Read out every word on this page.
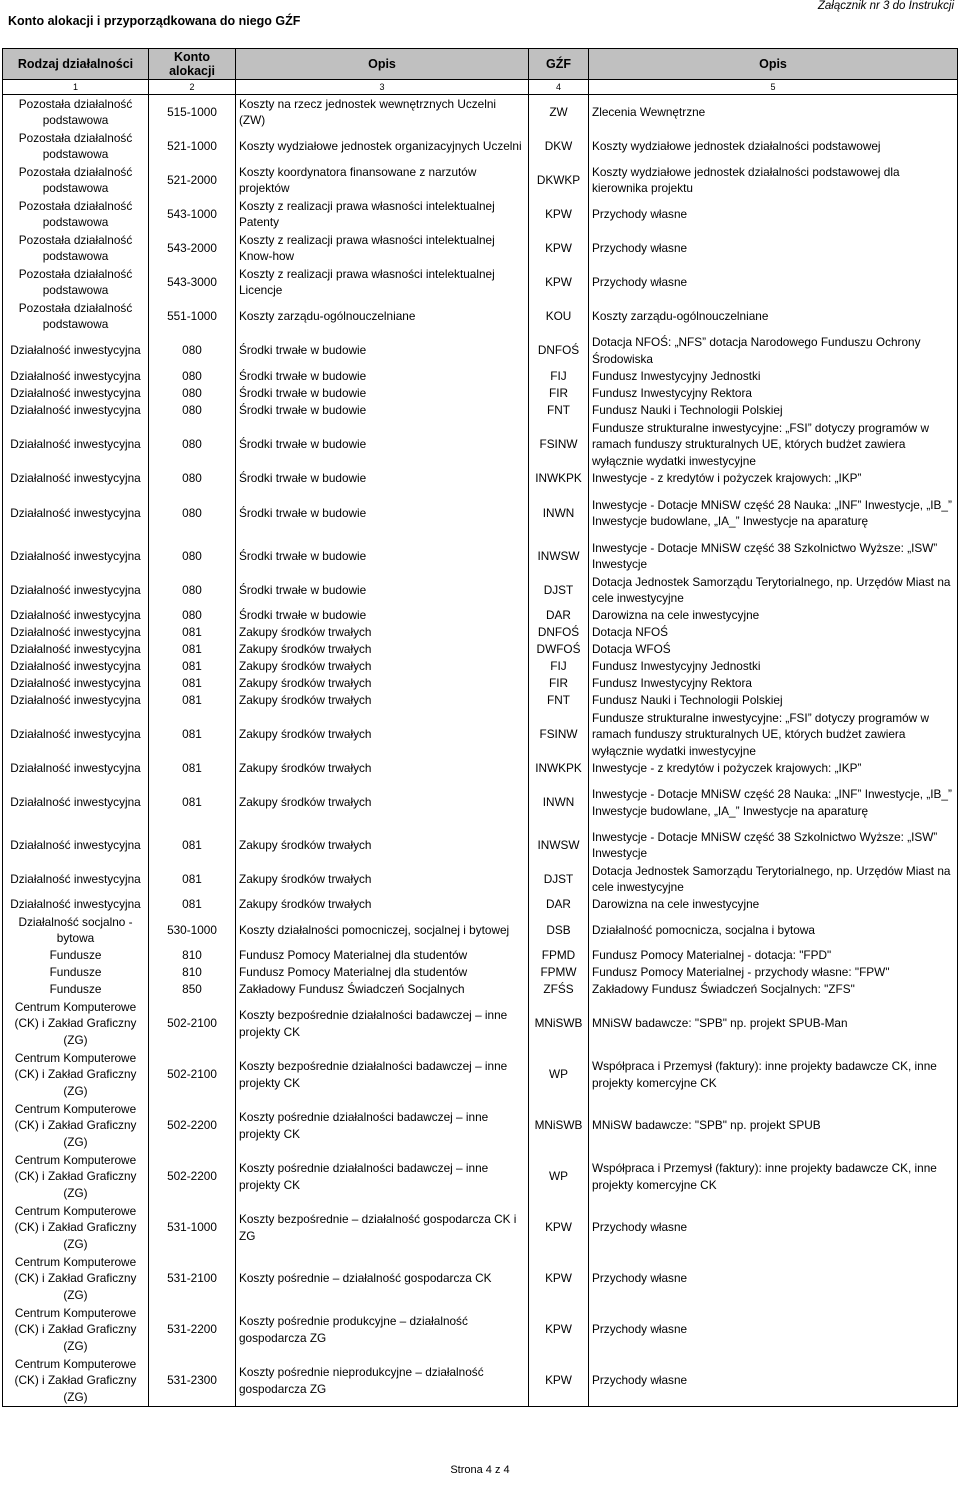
Konto alokacji i przyporządkowana do niego GŹF
Załącznik nr 3 do Instrukcji
Rodzaj działalności	Konto alokacji	Opis	GŹF	Opis
1	2	3	4	5
Pozostała działalność podstawowa	515-1000	Koszty na rzecz jednostek wewnętrznych Uczelni (ZW)	ZW	Zlecenia Wewnętrzne
Pozostała działalność podstawowa	521-1000	Koszty wydziałowe jednostek organizacyjnych Uczelni	DKW	Koszty wydziałowe jednostek działalności podstawowej
Pozostała działalność podstawowa	521-2000	Koszty koordynatora finansowane z narzutów projektów	DKWKP	Koszty wydziałowe jednostek działalności podstawowej dla kierownika projektu
Pozostała działalność podstawowa	543-1000	Koszty z realizacji prawa własności intelektualnej Patenty	KPW	Przychody własne
Pozostała działalność podstawowa	543-2000	Koszty z realizacji prawa własności intelektualnej Know-how	KPW	Przychody własne
Pozostała działalność podstawowa	543-3000	Koszty z realizacji prawa własności intelektualnej Licencje	KPW	Przychody własne
Pozostała działalność podstawowa	551-1000	Koszty zarządu-ogólnouczelniane	KOU	Koszty zarządu-ogólnouczelniane
Działalność inwestycyjna	080	Środki trwałe w budowie	DNFOŚ	Dotacja NFOŚ: „NFS” dotacja Narodowego Funduszu Ochrony Środowiska
Działalność inwestycyjna	080	Środki trwałe w budowie	FIJ	Fundusz Inwestycyjny Jednostki
Działalność inwestycyjna	080	Środki trwałe w budowie	FIR	Fundusz Inwestycyjny Rektora
Działalność inwestycyjna	080	Środki trwałe w budowie	FNT	Fundusz Nauki i Technologii Polskiej
Działalność inwestycyjna	080	Środki trwałe w budowie	FSINW	Fundusze strukturalne inwestycyjne: „FSI” dotyczy programów w ramach funduszy strukturalnych UE, których budżet zawiera wyłącznie wydatki inwestycyjne
Działalność inwestycyjna	080	Środki trwałe w budowie	INWKPK	Inwestycje - z kredytów i pożyczek krajowych: „IKP”
Działalność inwestycyjna	080	Środki trwałe w budowie	INWN	Inwestycje - Dotacje MNiSW część 28 Nauka: „INF” Inwestycje, „IB_” Inwestycje budowlane, „IA_” Inwestycje na aparaturę
Działalność inwestycyjna	080	Środki trwałe w budowie	INWSW	Inwestycje - Dotacje MNiSW część 38 Szkolnictwo Wyższe: „ISW” Inwestycje
Działalność inwestycyjna	080	Środki trwałe w budowie	DJST	Dotacja Jednostek Samorządu Terytorialnego, np. Urzędów Miast na cele inwestycyjne
Działalność inwestycyjna	080	Środki trwałe w budowie	DAR	Darowizna na cele inwestycyjne
Działalność inwestycyjna	081	Zakupy środków trwałych	DNFOŚ	Dotacja NFOŚ
Działalność inwestycyjna	081	Zakupy środków trwałych	DWFOŚ	Dotacja WFOŚ
Działalność inwestycyjna	081	Zakupy środków trwałych	FIJ	Fundusz Inwestycyjny Jednostki
Działalność inwestycyjna	081	Zakupy środków trwałych	FIR	Fundusz Inwestycyjny Rektora
Działalność inwestycyjna	081	Zakupy środków trwałych	FNT	Fundusz Nauki i Technologii Polskiej
Działalność inwestycyjna	081	Zakupy środków trwałych	FSINW	Fundusze strukturalne inwestycyjne: „FSI” dotyczy programów w ramach funduszy strukturalnych UE, których budżet zawiera wyłącznie wydatki inwestycyjne
Działalność inwestycyjna	081	Zakupy środków trwałych	INWKPK	Inwestycje - z kredytów i pożyczek krajowych: „IKP”
Działalność inwestycyjna	081	Zakupy środków trwałych	INWN	Inwestycje - Dotacje MNiSW część 28 Nauka: „INF” Inwestycje, „IB_” Inwestycje budowlane, „IA_” Inwestycje na aparaturę
Działalność inwestycyjna	081	Zakupy środków trwałych	INWSW	Inwestycje - Dotacje MNiSW część 38 Szkolnictwo Wyższe: „ISW” Inwestycje
Działalność inwestycyjna	081	Zakupy środków trwałych	DJST	Dotacja Jednostek Samorządu Terytorialnego, np. Urzędów Miast na cele inwestycyjne
Działalność inwestycyjna	081	Zakupy środków trwałych	DAR	Darowizna na cele inwestycyjne
Działalność socjalno - bytowa	530-1000	Koszty działalności pomocniczej, socjalnej i bytowej	DSB	Działalność pomocnicza, socjalna i bytowa
Fundusze	810	Fundusz Pomocy Materialnej dla studentów	FPMD	Fundusz Pomocy Materialnej - dotacja: "FPD"
Fundusze	810	Fundusz Pomocy Materialnej dla studentów	FPMW	Fundusz Pomocy Materialnej - przychody własne: "FPW"
Fundusze	850	Zakładowy Fundusz Świadczeń Socjalnych	ZFŚS	Zakładowy Fundusz Świadczeń Socjalnych: "ZFS"
Centrum Komputerowe (CK) i Zakład Graficzny (ZG)	502-2100	Koszty bezpośrednie działalności badawczej – inne projekty CK	MNiSWB	MNiSW badawcze: "SPB" np. projekt SPUB-Man
Centrum Komputerowe (CK) i Zakład Graficzny (ZG)	502-2100	Koszty bezpośrednie działalności badawczej – inne projekty CK	WP	Współpraca i Przemysł (faktury): inne projekty badawcze CK, inne projekty komercyjne CK
Centrum Komputerowe (CK) i Zakład Graficzny (ZG)	502-2200	Koszty pośrednie działalności badawczej – inne projekty CK	MNiSWB	MNiSW badawcze: "SPB" np. projekt SPUB
Centrum Komputerowe (CK) i Zakład Graficzny (ZG)	502-2200	Koszty pośrednie działalności badawczej – inne projekty CK	WP	Współpraca i Przemysł (faktury): inne projekty badawcze CK, inne projekty komercyjne CK
Centrum Komputerowe (CK) i Zakład Graficzny (ZG)	531-1000	Koszty bezpośrednie – działalność gospodarcza CK i ZG	KPW	Przychody własne
Centrum Komputerowe (CK) i Zakład Graficzny (ZG)	531-2100	Koszty pośrednie – działalność gospodarcza CK	KPW	Przychody własne
Centrum Komputerowe (CK) i Zakład Graficzny (ZG)	531-2200	Koszty pośrednie produkcyjne – działalność gospodarcza ZG	KPW	Przychody własne
Centrum Komputerowe (CK) i Zakład Graficzny (ZG)	531-2300	Koszty pośrednie nieprodukcyjne – działalność gospodarcza ZG	KPW	Przychody własne
Strona 4 z 4
